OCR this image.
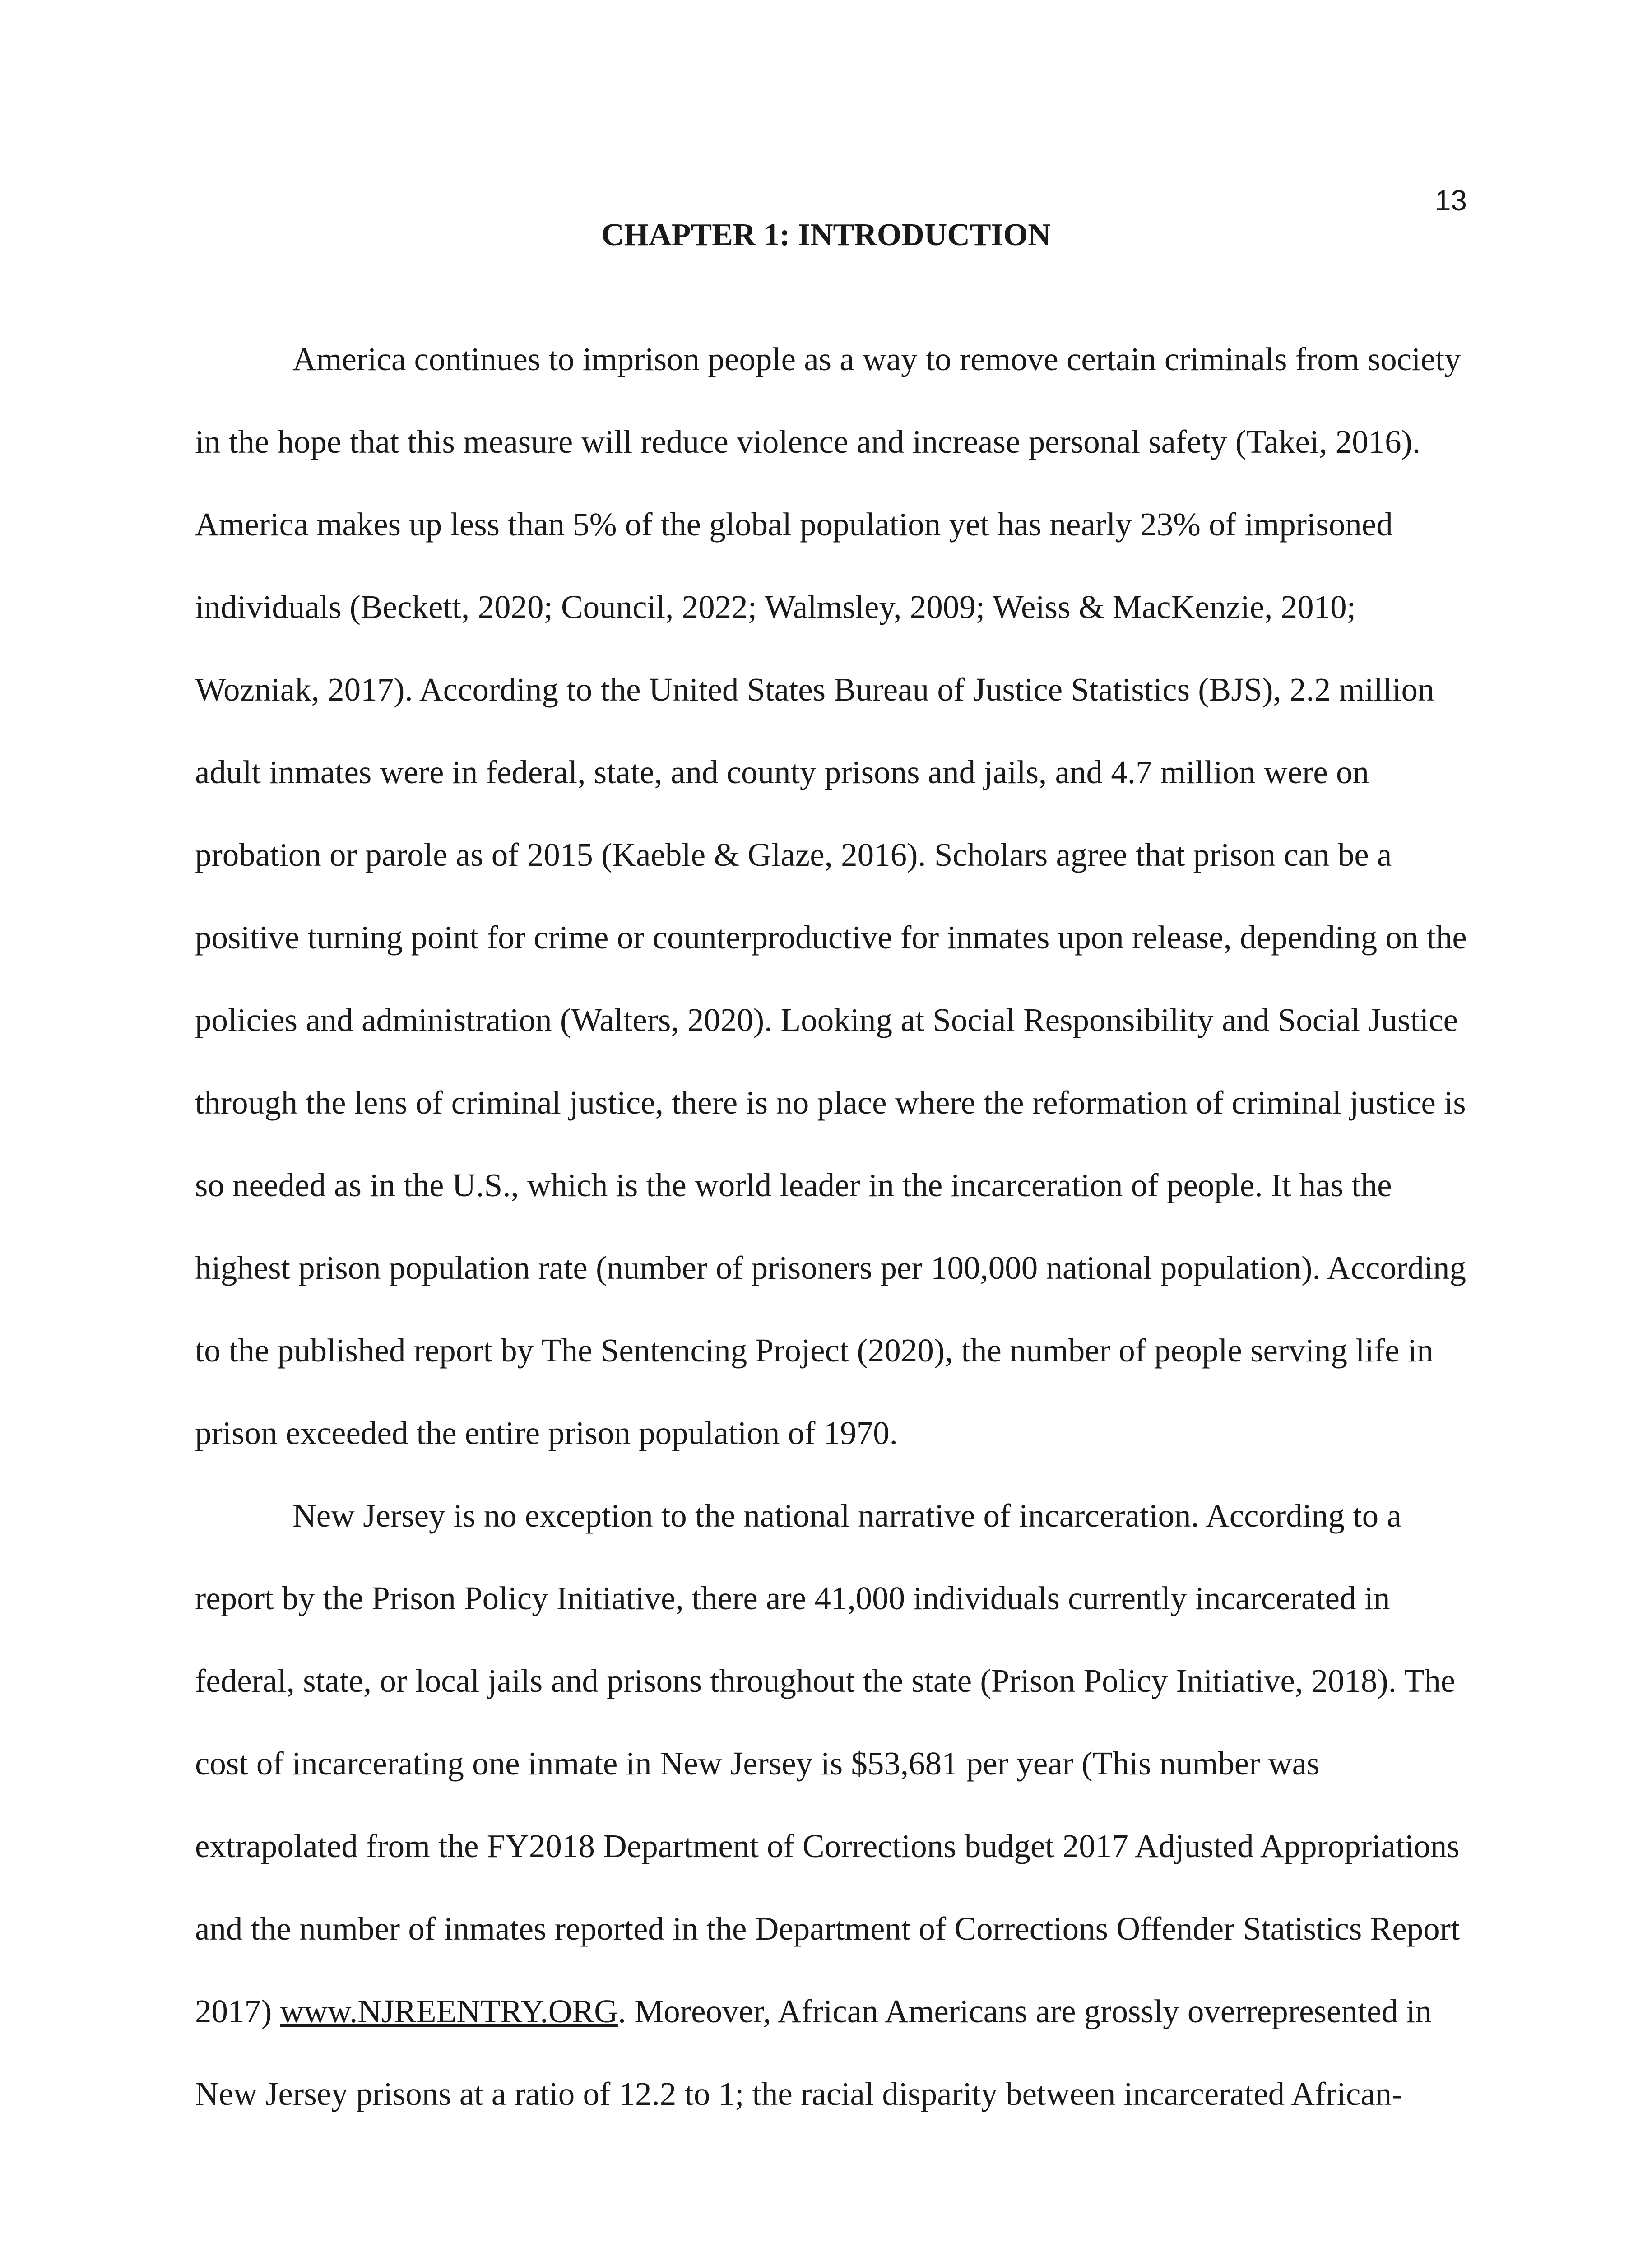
13
CHAPTER 1: INTRODUCTION

America continues to imprison people as a way to remove certain criminals from society in the hope that this measure will reduce violence and increase personal safety (Takei, 2016). America makes up less than 5% of the global population yet has nearly 23% of imprisoned individuals (Beckett, 2020; Council, 2022; Walmsley, 2009; Weiss & MacKenzie, 2010; Wozniak, 2017). According to the United States Bureau of Justice Statistics (BJS), 2.2 million adult inmates were in federal, state, and county prisons and jails, and 4.7 million were on probation or parole as of 2015 (Kaeble & Glaze, 2016). Scholars agree that prison can be a positive turning point for crime or counterproductive for inmates upon release, depending on the policies and administration (Walters, 2020). Looking at Social Responsibility and Social Justice through the lens of criminal justice, there is no place where the reformation of criminal justice is so needed as in the U.S., which is the world leader in the incarceration of people. It has the highest prison population rate (number of prisoners per 100,000 national population). According to the published report by The Sentencing Project (2020), the number of people serving life in prison exceeded the entire prison population of 1970.

New Jersey is no exception to the national narrative of incarceration. According to a report by the Prison Policy Initiative, there are 41,000 individuals currently incarcerated in federal, state, or local jails and prisons throughout the state (Prison Policy Initiative, 2018). The cost of incarcerating one inmate in New Jersey is $53,681 per year (This number was extrapolated from the FY2018 Department of Corrections budget 2017 Adjusted Appropriations and the number of inmates reported in the Department of Corrections Offender Statistics Report 2017) www.NJREENTRY.ORG. Moreover, African Americans are grossly overrepresented in New Jersey prisons at a ratio of 12.2 to 1; the racial disparity between incarcerated African-
